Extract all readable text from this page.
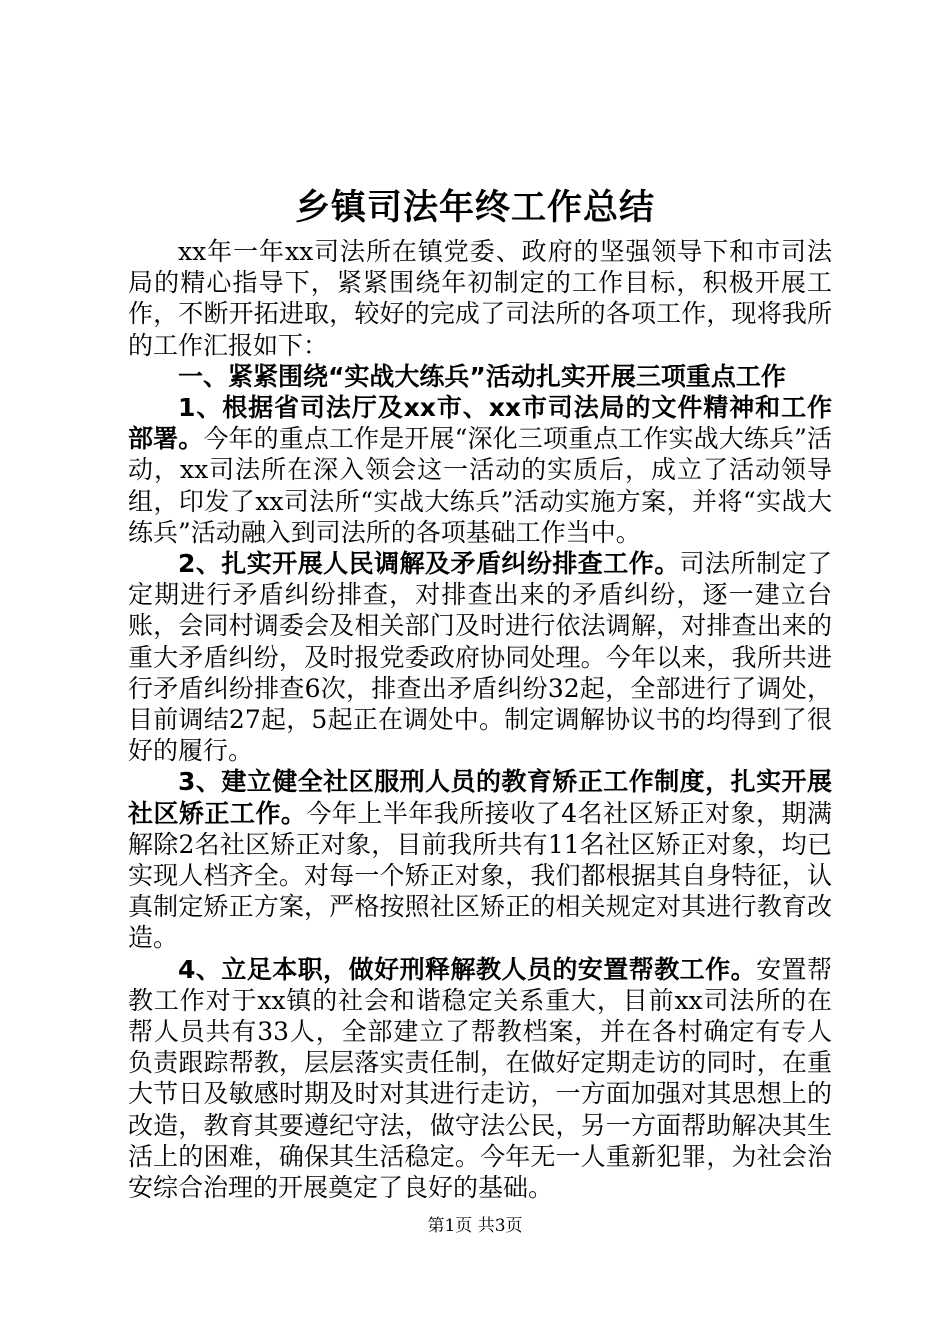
乡镇司法年终工作总结

xx年一年xx司法所在镇党委、政府的坚强领导下和市司法局的精心指导下，紧紧围绕年初制定的工作目标，积极开展工作，不断开拓进取，较好的完成了司法所的各项工作，现将我所的工作汇报如下：

一、紧紧围绕“实战大练兵”活动扎实开展三项重点工作

1、根据省司法厅及xx市、xx市司法局的文件精神和工作部署。今年的重点工作是开展“深化三项重点工作实战大练兵”活动，xx司法所在深入领会这一活动的实质后，成立了活动领导组，印发了xx司法所“实战大练兵”活动实施方案，并将“实战大练兵”活动融入到司法所的各项基础工作当中。

2、扎实开展人民调解及矛盾纠纷排查工作。司法所制定了定期进行矛盾纠纷排查，对排查出来的矛盾纠纷，逐一建立台账，会同村调委会及相关部门及时进行依法调解，对排查出来的重大矛盾纠纷，及时报党委政府协同处理。今年以来，我所共进行矛盾纠纷排查6次，排查出矛盾纠纷32起，全部进行了调处，目前调结27起，5起正在调处中。制定调解协议书的均得到了很好的履行。

3、建立健全社区服刑人员的教育矫正工作制度，扎实开展社区矫正工作。今年上半年我所接收了4名社区矫正对象，期满解除2名社区矫正对象，目前我所共有11名社区矫正对象，均已实现人档齐全。对每一个矫正对象，我们都根据其自身特征，认真制定矫正方案，严格按照社区矫正的相关规定对其进行教育改造。

4、立足本职，做好刑释解教人员的安置帮教工作。安置帮教工作对于xx镇的社会和谐稳定关系重大，目前xx司法所的在帮人员共有33人，全部建立了帮教档案，并在各村确定有专人负责跟踪帮教，层层落实责任制，在做好定期走访的同时，在重大节日及敏感时期及时对其进行走访，一方面加强对其思想上的改造，教育其要遵纪守法，做守法公民，另一方面帮助解决其生活上的困难，确保其生活稳定。今年无一人重新犯罪，为社会治安综合治理的开展奠定了良好的基础。

第1页 共3页
